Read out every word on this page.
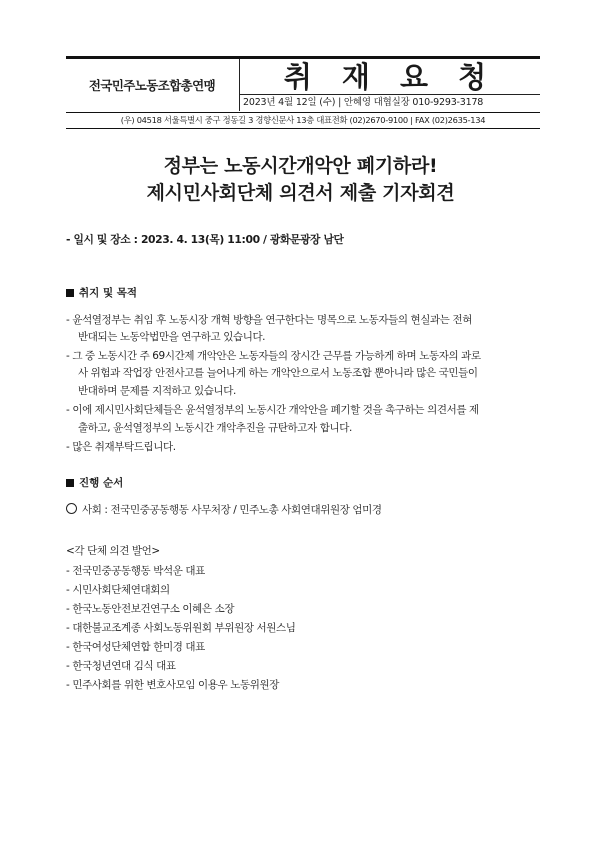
전국민주노동조합총연맹	취 재 요 청
2023년 4월 12일 (수) | 안혜영 대협실장 010-9293-3178
(우) 04518 서울특별시 중구 정동길 3 경향신문사 13층 대표전화 (02)2670-9100 | FAX (02)2635-134
정부는 노동시간개악안 폐기하라!
제시민사회단체 의견서 제출 기자회견
- 일시 및 장소 : 2023. 4. 13(목) 11:00 / 광화문광장 남단
취지 및 목적
- 윤석열정부는 취임 후 노동시장 개혁 방향을 연구한다는 명목으로 노동자들의 현실과는 전혀
반대되는 노동악법만을 연구하고 있습니다.
- 그 중 노동시간 주 69시간제 개악안은 노동자들의 장시간 근무를 가능하게 하며 노동자의 과로
사 위험과 작업장 안전사고를 늘어나게 하는 개악안으로서 노동조합 뿐아니라 많은 국민들이
반대하며 문제를 지적하고 있습니다.
- 이에 제시민사회단체들은 윤석열정부의 노동시간 개악안을 폐기할 것을 촉구하는 의견서를 제
출하고, 윤석열정부의 노동시간 개악추진을 규탄하고자 합니다.
- 많은 취재부탁드립니다.
진행 순서
사회 : 전국민중공동행동 사무처장 / 민주노총 사회연대위원장 엄미경
<각 단체 의견 발언>
- 전국민중공동행동 박석운 대표
- 시민사회단체연대회의
- 한국노동안전보건연구소 이혜은 소장
- 대한불교조계종 사회노동위원회 부위원장 서원스님
- 한국여성단체연합 한미경 대표
- 한국청년연대 김식 대표
- 민주사회를 위한 변호사모임 이용우 노동위원장
